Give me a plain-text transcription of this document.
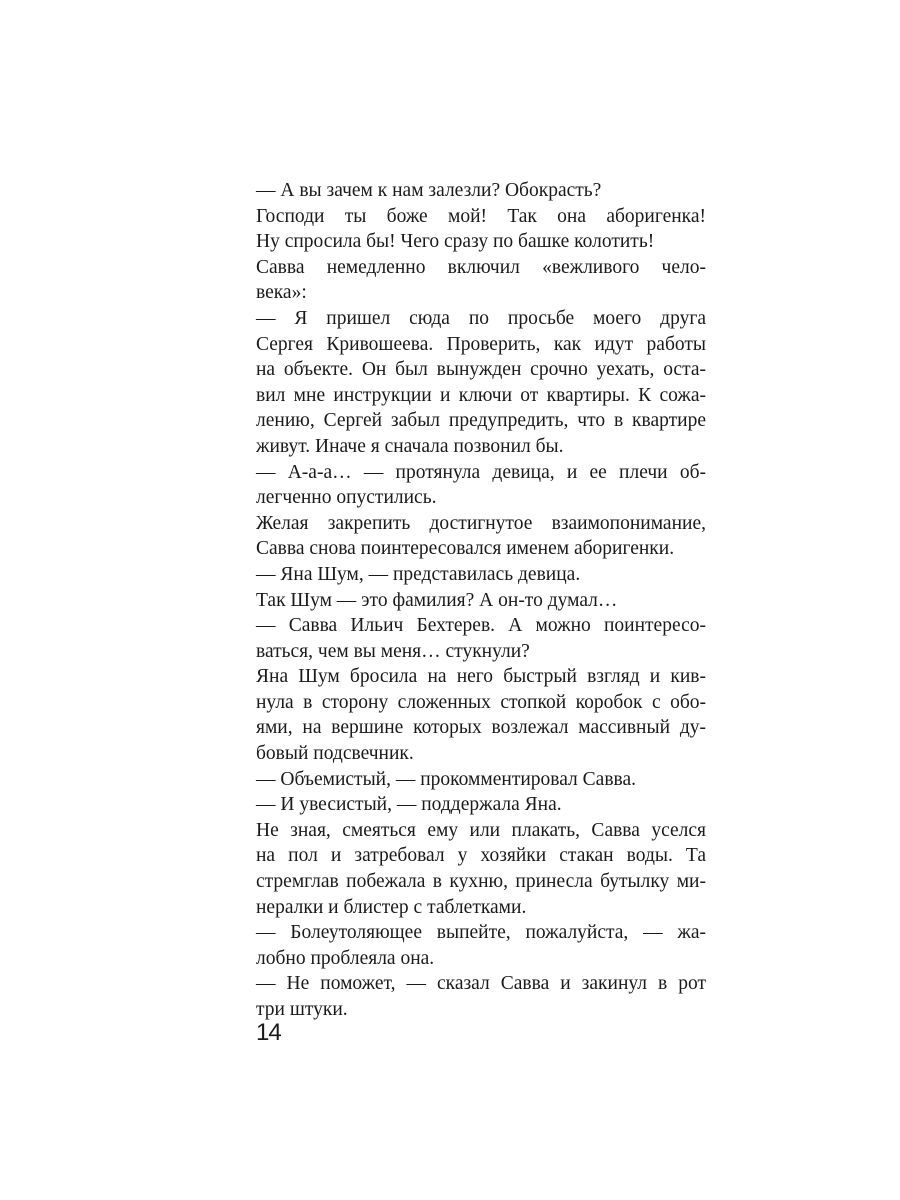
— А вы зачем к нам залезли? Обокрасть?
Господи ты боже мой! Так она аборигенка!
Ну спросила бы! Чего сразу по башке колотить!
Савва немедленно включил «вежливого чело-
века»:
— Я пришел сюда по просьбе моего друга
Сергея Кривошеева. Проверить, как идут работы
на объекте. Он был вынужден срочно уехать, оста-
вил мне инструкции и ключи от квартиры. К сожа-
лению, Сергей забыл предупредить, что в квартире
живут. Иначе я сначала позвонил бы.
— А-а-а… — протянула девица, и ее плечи об-
легченно опустились.
Желая закрепить достигнутое взаимопонимание,
Савва снова поинтересовался именем аборигенки.
— Яна Шум, — представилась девица.
Так Шум — это фамилия? А он-то думал…
— Савва Ильич Бехтерев. А можно поинтересо-
ваться, чем вы меня… стукнули?
Яна Шум бросила на него быстрый взгляд и кив-
нула в сторону сложенных стопкой коробок с обо-
ями, на вершине которых возлежал массивный ду-
бовый подсвечник.
— Объемистый, — прокомментировал Савва.
— И увесистый, — поддержала Яна.
Не зная, смеяться ему или плакать, Савва уселся
на пол и затребовал у хозяйки стакан воды. Та
стремглав побежала в кухню, принесла бутылку ми-
нералки и блистер с таблетками.
— Болеутоляющее выпейте, пожалуйста, — жа-
лобно проблеяла она.
— Не поможет, — сказал Савва и закинул в рот
три штуки.
14
